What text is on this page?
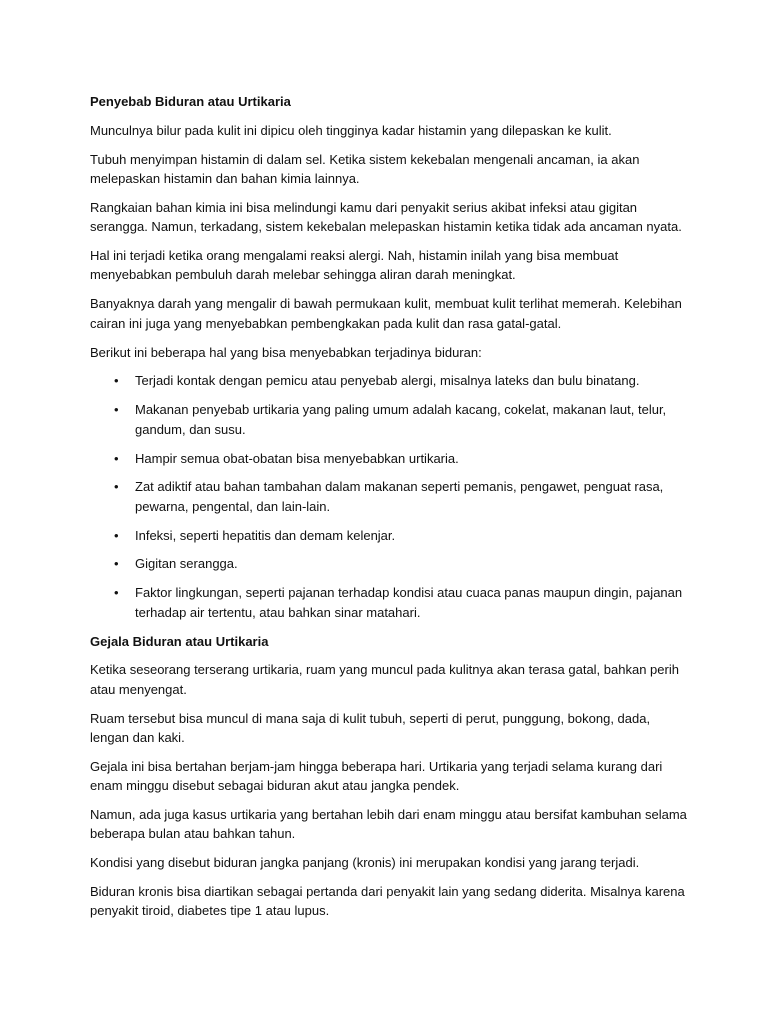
Penyebab Biduran atau Urtikaria

Munculnya bilur pada kulit ini dipicu oleh tingginya kadar histamin yang dilepaskan ke kulit.

Tubuh menyimpan histamin di dalam sel. Ketika sistem kekebalan mengenali ancaman, ia akan melepaskan histamin dan bahan kimia lainnya.

Rangkaian bahan kimia ini bisa melindungi kamu dari penyakit serius akibat infeksi atau gigitan serangga. Namun, terkadang, sistem kekebalan melepaskan histamin ketika tidak ada ancaman nyata.

Hal ini terjadi ketika orang mengalami reaksi alergi. Nah, histamin inilah yang bisa membuat menyebabkan pembuluh darah melebar sehingga aliran darah meningkat.

Banyaknya darah yang mengalir di bawah permukaan kulit, membuat kulit terlihat memerah. Kelebihan cairan ini juga yang menyebabkan pembengkakan pada kulit dan rasa gatal-gatal.

Berikut ini beberapa hal yang bisa menyebabkan terjadinya biduran:

• Terjadi kontak dengan pemicu atau penyebab alergi, misalnya lateks dan bulu binatang.
• Makanan penyebab urtikaria yang paling umum adalah kacang, cokelat, makanan laut, telur, gandum, dan susu.
• Hampir semua obat-obatan bisa menyebabkan urtikaria.
• Zat adiktif atau bahan tambahan dalam makanan seperti pemanis, pengawet, penguat rasa, pewarna, pengental, dan lain-lain.
• Infeksi, seperti hepatitis dan demam kelenjar.
• Gigitan serangga.
• Faktor lingkungan, seperti pajanan terhadap kondisi atau cuaca panas maupun dingin, pajanan terhadap air tertentu, atau bahkan sinar matahari.
Gejala Biduran atau Urtikaria

Ketika seseorang terserang urtikaria, ruam yang muncul pada kulitnya akan terasa gatal, bahkan perih atau menyengat.

Ruam tersebut bisa muncul di mana saja di kulit tubuh, seperti di perut, punggung, bokong, dada, lengan dan kaki.

Gejala ini bisa bertahan berjam-jam hingga beberapa hari. Urtikaria yang terjadi selama kurang dari enam minggu disebut sebagai biduran akut atau jangka pendek.

Namun, ada juga kasus urtikaria yang bertahan lebih dari enam minggu atau bersifat kambuhan selama beberapa bulan atau bahkan tahun.

Kondisi yang disebut biduran jangka panjang (kronis) ini merupakan kondisi yang jarang terjadi.

Biduran kronis bisa diartikan sebagai pertanda dari penyakit lain yang sedang diderita. Misalnya karena penyakit tiroid, diabetes tipe 1 atau lupus.
